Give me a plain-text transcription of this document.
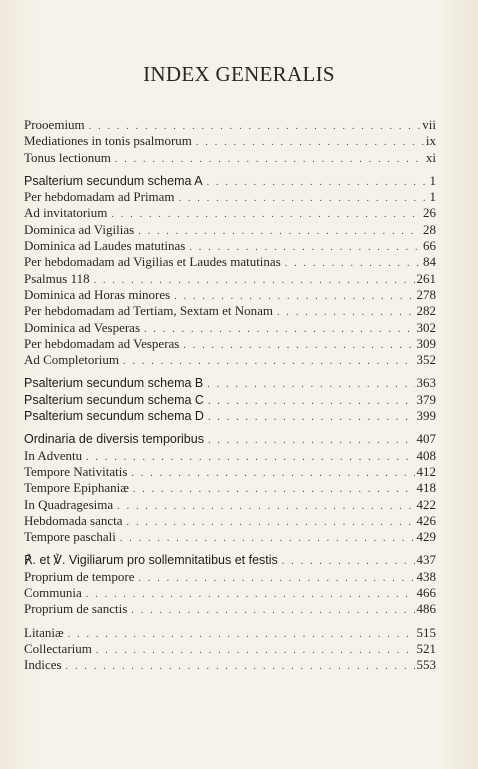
INDEX GENERALIS
Prooemium . . .	vii
Mediationes in tonis psalmorum . . .	ix
Tonus lectionum . . .	xi
Psalterium secundum schema A . . .	1
Per hebdomadam ad Primam . . .	1
Ad invitatorium . . .	26
Dominica ad Vigilias . . .	28
Dominica ad Laudes matutinas . . .	66
Per hebdomadam ad Vigilias et Laudes matutinas . . .	84
Psalmus 118 . . .	261
Dominica ad Horas minores . . .	278
Per hebdomadam ad Tertiam, Sextam et Nonam . . .	282
Dominica ad Vesperas . . .	302
Per hebdomadam ad Vesperas . . .	309
Ad Completorium . . .	352
Psalterium secundum schema B . . .	363
Psalterium secundum schema C . . .	379
Psalterium secundum schema D . . .	399
Ordinaria de diversis temporibus . . .	407
In Adventu . . .	408
Tempore Nativitatis . . .	412
Tempore Epiphaniæ . . .	418
In Quadragesima . . .	422
Hebdomada sancta . . .	426
Tempore paschali . . .	429
℟. et ℣. Vigiliarum pro sollemnitatibus et festis . . .	437
Proprium de tempore . . .	438
Communia . . .	466
Proprium de sanctis . . .	486
Litaniæ . . .	515
Collectarium . . .	521
Indices . . .	553
